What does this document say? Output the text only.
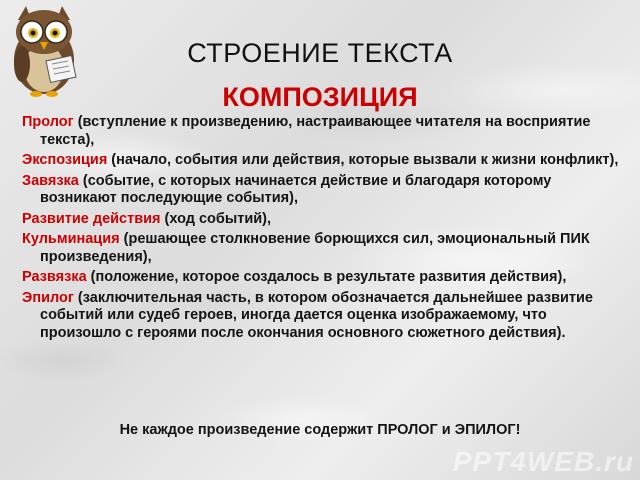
СТРОЕНИЕ ТЕКСТА
КОМПОЗИЦИЯ
Пролог (вступление к произведению, настраивающее читателя на восприятие текста),
Экспозиция (начало, события или действия, которые вызвали к жизни конфликт),
Завязка (событие, с которых начинается действие и благодаря которому возникают последующие события),
Развитие действия (ход событий),
Кульминация (решающее столкновение борющихся сил, эмоциональный ПИК произведения),
Развязка (положение, которое создалось в результате развития действия),
Эпилог (заключительная часть, в котором обозначается дальнейшее развитие событий или судеб героев, иногда дается оценка изображаемому, что произошло с героями после окончания основного сюжетного действия).
Не каждое произведение содержит ПРОЛОГ и ЭПИЛОГ!
PPT4WEB.ru
